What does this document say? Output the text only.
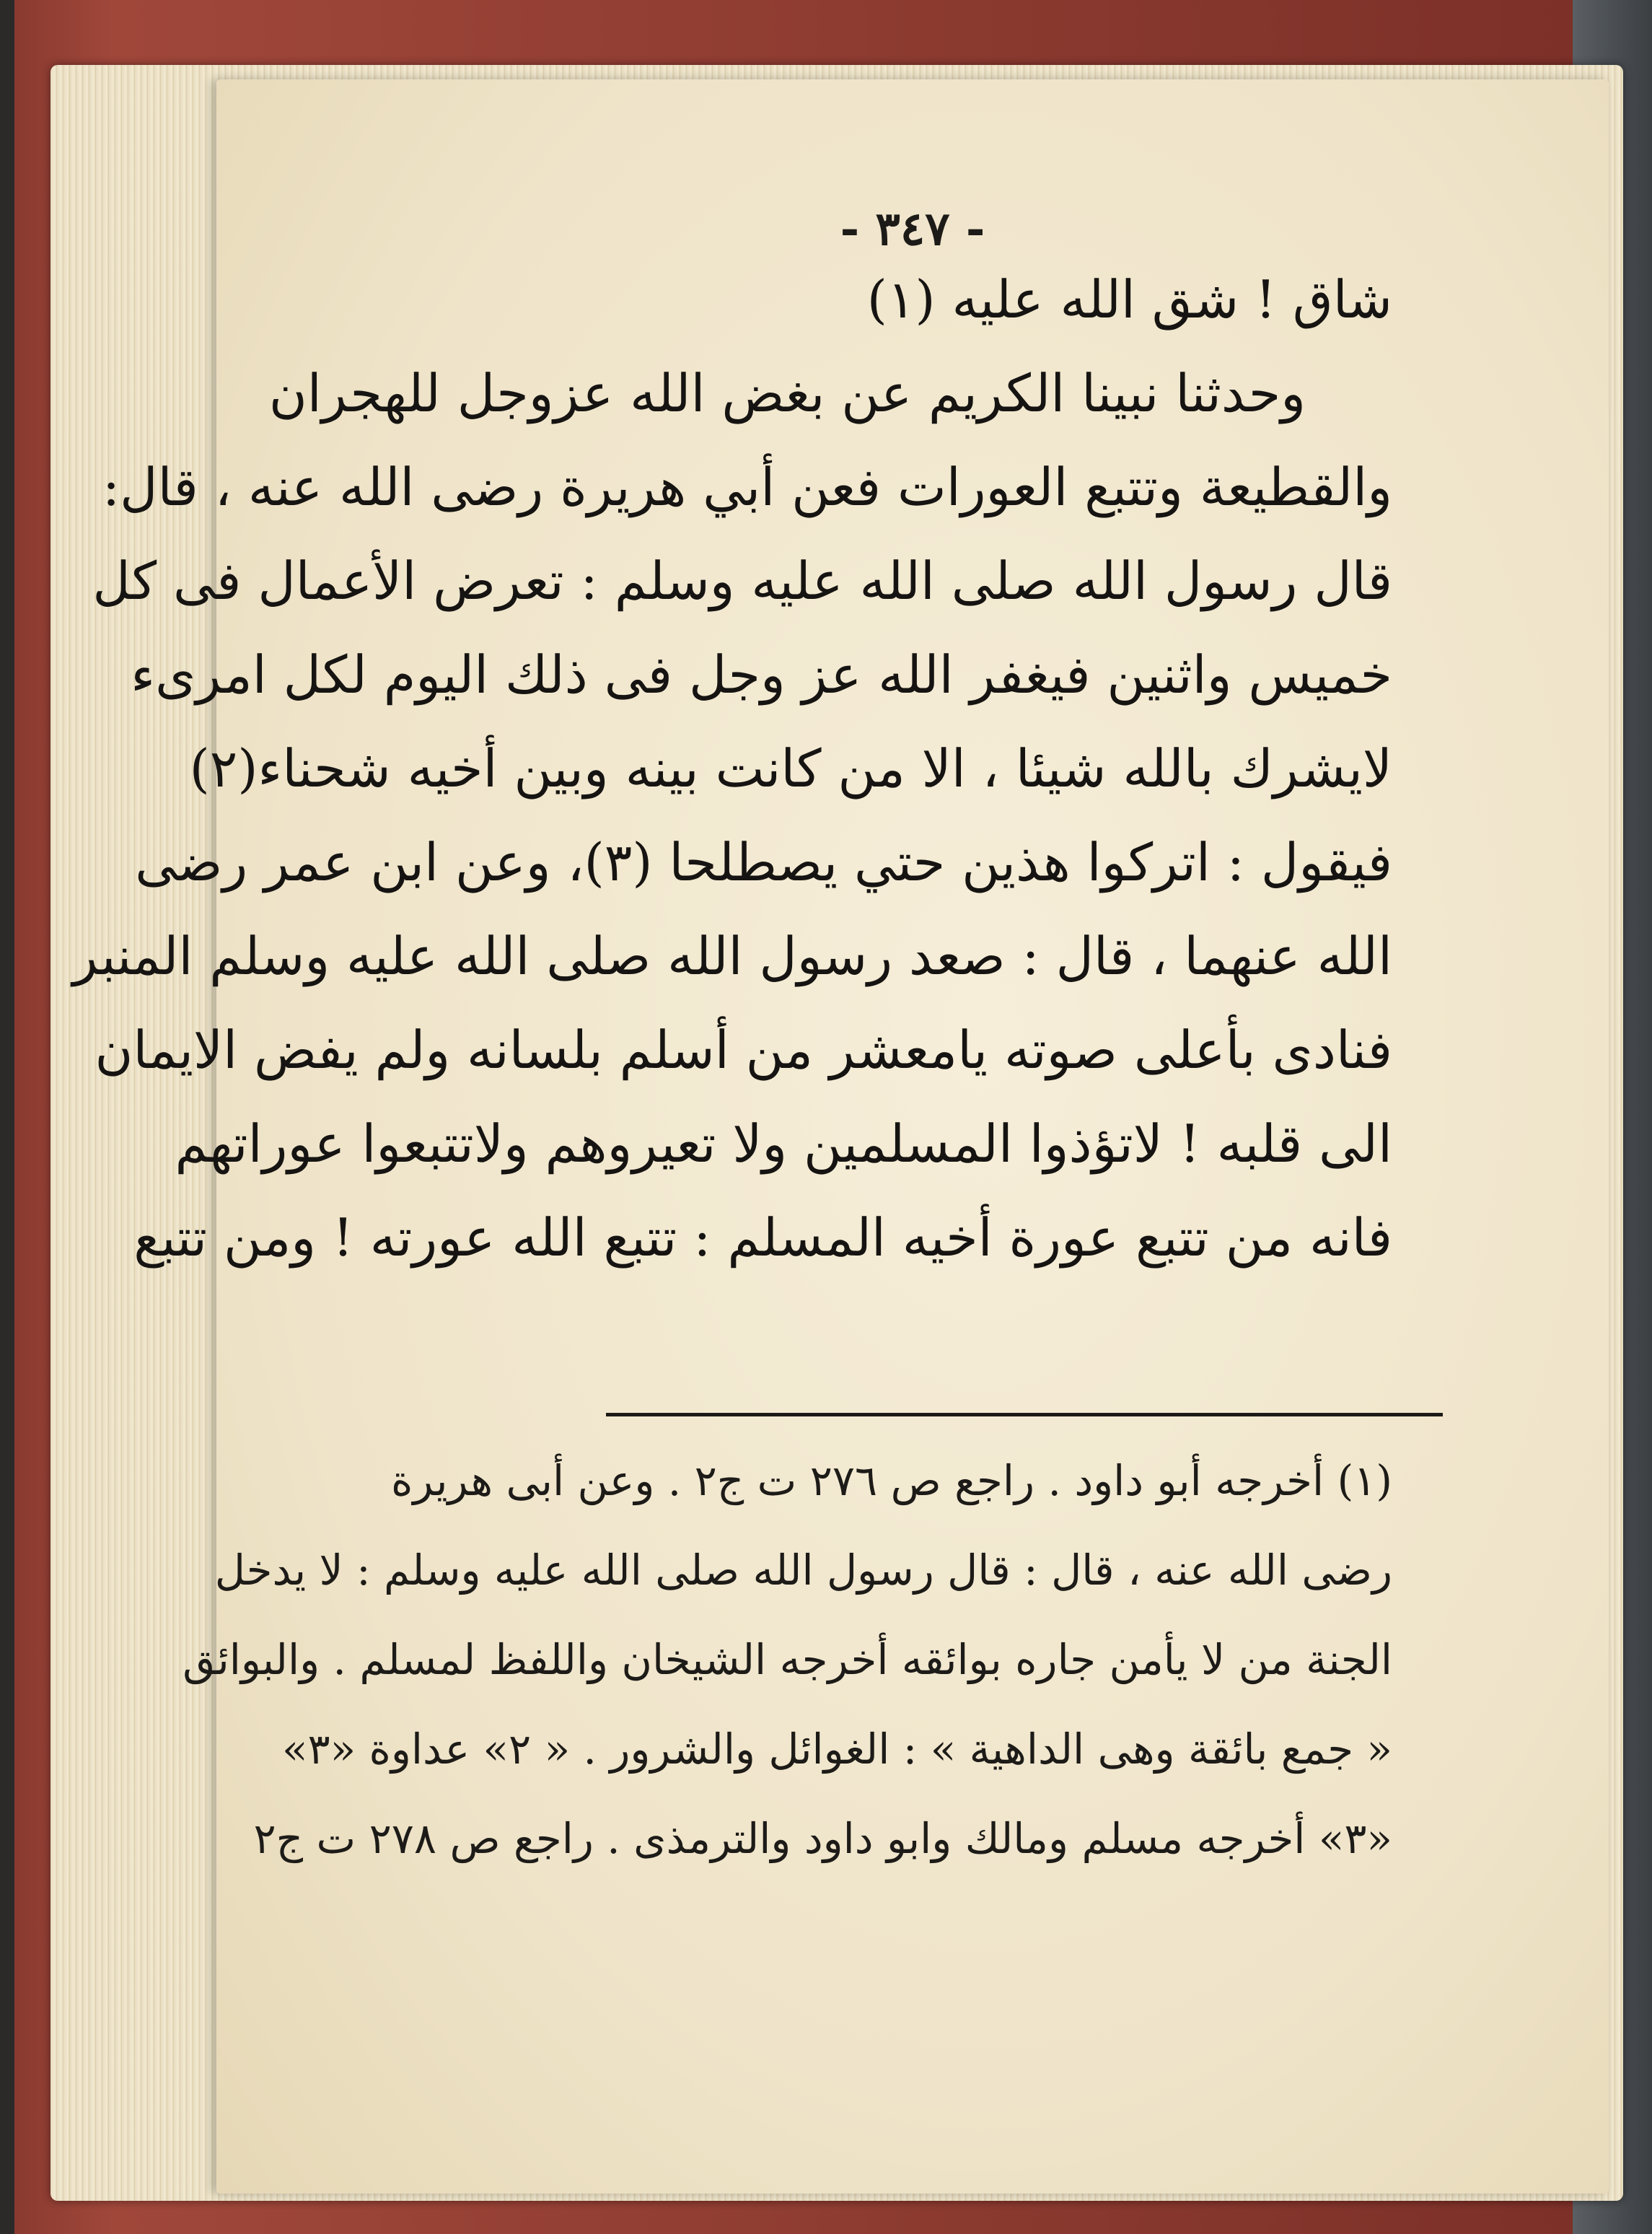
- ٣٤٧ -

شاق ! شق الله عليه (١)

وحدثنا نبينا الكريم عن بغض الله عزوجل للهجران

والقطيعة وتتبع العورات فعن أبي هريرة رضى الله عنه ، قال:

قال رسول الله صلى الله عليه وسلم : تعرض الأعمال فى كل

خميس واثنين فيغفر الله عز وجل فى ذلك اليوم لكل امرىء

لايشرك بالله شيئا ، الا من كانت بينه وبين أخيه شحناء(٢)

فيقول : اتركوا هذين حتي يصطلحا (٣)، وعن ابن عمر رضى

الله عنهما ، قال : صعد رسول الله صلى الله عليه وسلم المنبر

فنادى بأعلى صوته يامعشر من أسلم بلسانه ولم يفض الايمان

الى قلبه ! لاتؤذوا المسلمين ولا تعيروهم ولاتتبعوا عوراتهم

فانه من تتبع عورة أخيه المسلم : تتبع الله عورته ! ومن تتبع

(١) أخرجه أبو داود . راجع ص ٢٧٦ ت ج٢ . وعن أبى هريرة

رضى الله عنه ، قال : قال رسول الله صلى الله عليه وسلم : لا يدخل

الجنة من لا يأمن جاره بوائقه أخرجه الشيخان واللفظ لمسلم . والبوائق

« جمع بائقة وهى الداهية » : الغوائل والشرور . « ٢» عداوة «٣»

«٣» أخرجه مسلم ومالك وابو داود والترمذى . راجع ص ٢٧٨ ت ج٢
